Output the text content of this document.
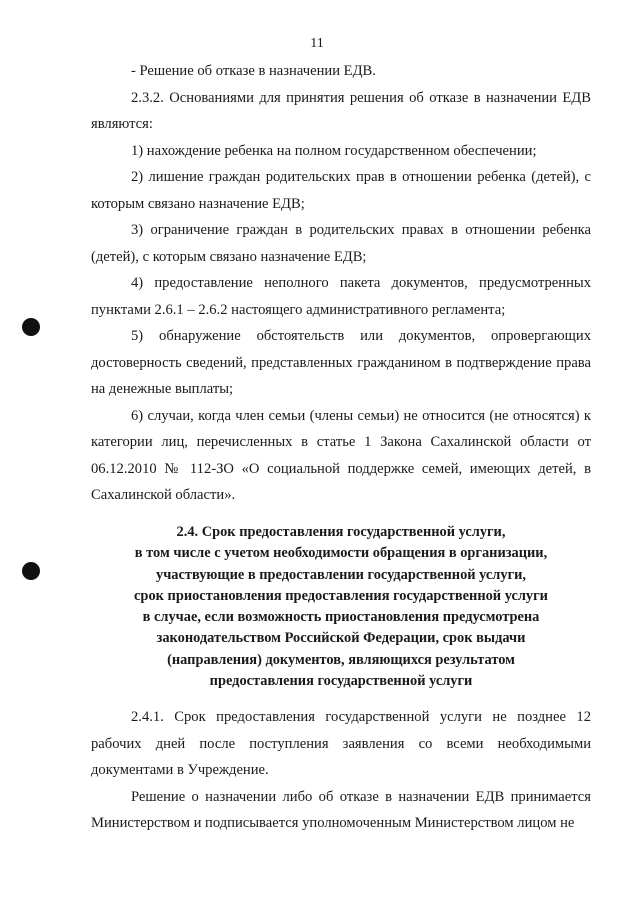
11

- Решение об отказе в назначении ЕДВ.

2.3.2. Основаниями для принятия решения об отказе в назначении ЕДВ являются:

1) нахождение ребенка на полном государственном обеспечении;

2) лишение граждан родительских прав в отношении ребенка (детей), с которым связано назначение ЕДВ;

3) ограничение граждан в родительских правах в отношении ребенка (детей), с которым связано назначение ЕДВ;

4) предоставление неполного пакета документов, предусмотренных пунктами 2.6.1 – 2.6.2 настоящего административного регламента;

5) обнаружение обстоятельств или документов, опровергающих достоверность сведений, представленных гражданином в подтверждение права на денежные выплаты;

6) случаи, когда член семьи (члены семьи) не относится (не относятся) к категории лиц, перечисленных в статье 1 Закона Сахалинской области от 06.12.2010 № 112-ЗО «О социальной поддержке семей, имеющих детей, в Сахалинской области».

2.4. Срок предоставления государственной услуги,
в том числе с учетом необходимости обращения в организации,
участвующие в предоставлении государственной услуги,
срок приостановления предоставления государственной услуги
в случае, если возможность приостановления предусмотрена
законодательством Российской Федерации, срок выдачи
(направления) документов, являющихся результатом
предоставления государственной услуги

2.4.1. Срок предоставления государственной услуги не позднее 12 рабочих дней после поступления заявления со всеми необходимыми документами в Учреждение.

Решение о назначении либо об отказе в назначении ЕДВ принимается Министерством и подписывается уполномоченным Министерством лицом не
